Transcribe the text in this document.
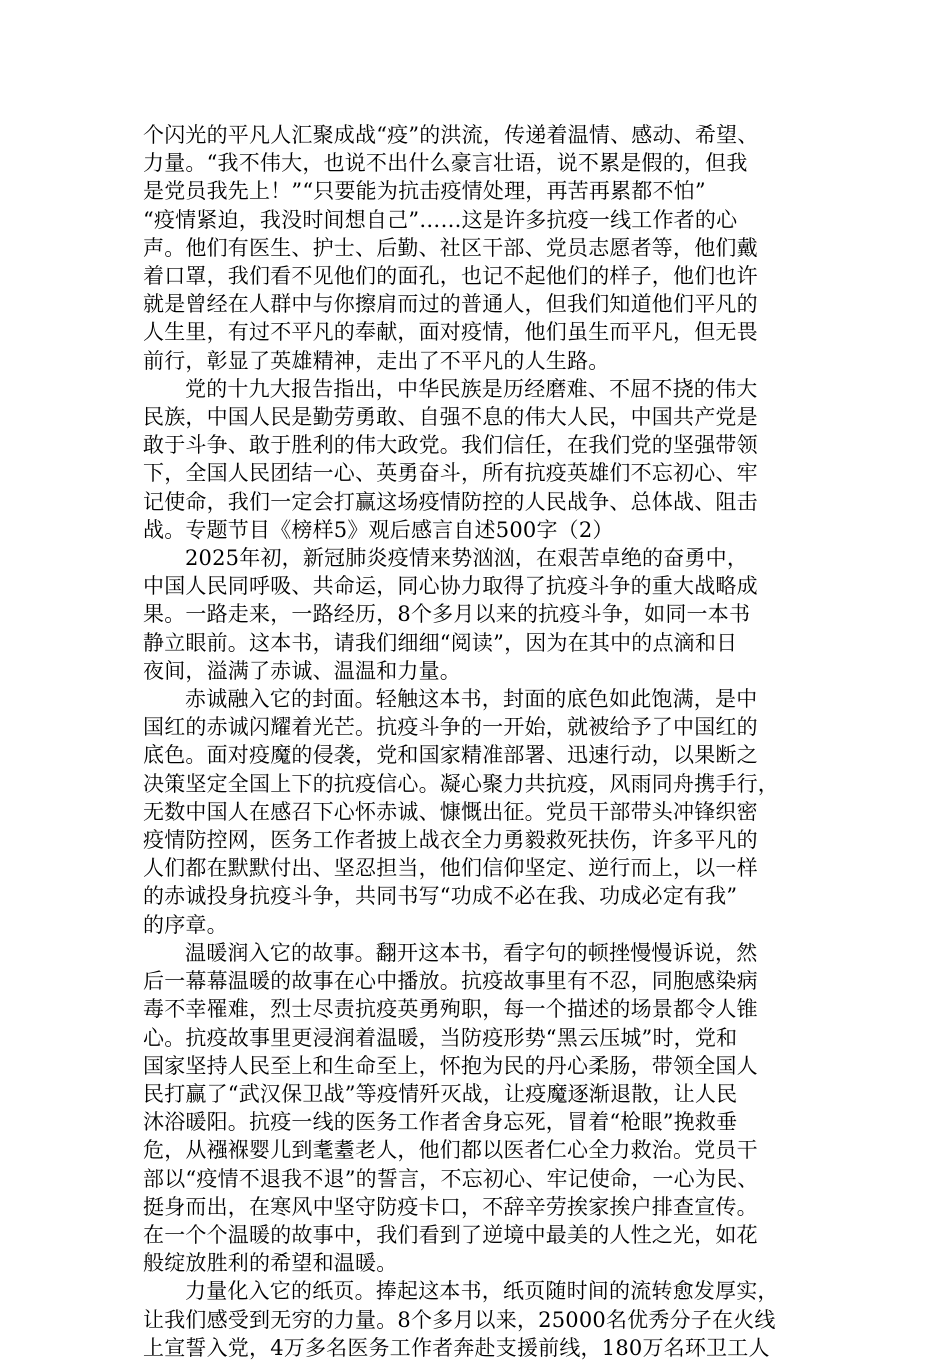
个闪光的平凡人汇聚成战“疫”的洪流，传递着温情、感动、希望、
力量。“我不伟大，也说不出什么豪言壮语，说不累是假的，但我
是党员我先上！”“只要能为抗击疫情处理，再苦再累都不怕”
“疫情紧迫，我没时间想自己”……这是许多抗疫一线工作者的心
声。他们有医生、护士、后勤、社区干部、党员志愿者等，他们戴
着口罩，我们看不见他们的面孔，也记不起他们的样子，他们也许
就是曾经在人群中与你擦肩而过的普通人，但我们知道他们平凡的
人生里，有过不平凡的奉献，面对疫情，他们虽生而平凡，但无畏
前行，彰显了英雄精神，走出了不平凡的人生路。

党的十九大报告指出，中华民族是历经磨难、不屈不挠的伟大
民族，中国人民是勤劳勇敢、自强不息的伟大人民，中国共产党是
敢于斗争、敢于胜利的伟大政党。我们信任，在我们党的坚强带领
下，全国人民团结一心、英勇奋斗，所有抗疫英雄们不忘初心、牢
记使命，我们一定会打赢这场疫情防控的人民战争、总体战、阻击
战。专题节目《榜样5》观后感言自述500字（2）

2025年初，新冠肺炎疫情来势汹汹，在艰苦卓绝的奋勇中，
中国人民同呼吸、共命运，同心协力取得了抗疫斗争的重大战略成
果。一路走来，一路经历，8个多月以来的抗疫斗争，如同一本书
静立眼前。这本书，请我们细细“阅读”，因为在其中的点滴和日
夜间，溢满了赤诚、温温和力量。

赤诚融入它的封面。轻触这本书，封面的底色如此饱满，是中
国红的赤诚闪耀着光芒。抗疫斗争的一开始，就被给予了中国红的
底色。面对疫魔的侵袭，党和国家精准部署、迅速行动，以果断之
决策坚定全国上下的抗疫信心。凝心聚力共抗疫，风雨同舟携手行，
无数中国人在感召下心怀赤诚、慷慨出征。党员干部带头冲锋织密
疫情防控网，医务工作者披上战衣全力勇毅救死扶伤，许多平凡的
人们都在默默付出、坚忍担当，他们信仰坚定、逆行而上，以一样
的赤诚投身抗疫斗争，共同书写“功成不必在我、功成必定有我”
的序章。

温暖润入它的故事。翻开这本书，看字句的顿挫慢慢诉说，然
后一幕幕温暖的故事在心中播放。抗疫故事里有不忍，同胞感染病
毒不幸罹难，烈士尽责抗疫英勇殉职，每一个描述的场景都令人锥
心。抗疫故事里更浸润着温暖，当防疫形势“黑云压城”时，党和
国家坚持人民至上和生命至上，怀抱为民的丹心柔肠，带领全国人
民打赢了“武汉保卫战”等疫情歼灭战，让疫魔逐渐退散，让人民
沐浴暖阳。抗疫一线的医务工作者舍身忘死，冒着“枪眼”挽救垂
危，从襁褓婴儿到耄耋老人，他们都以医者仁心全力救治。党员干
部以“疫情不退我不退”的誓言，不忘初心、牢记使命，一心为民、
挺身而出，在寒风中坚守防疫卡口，不辞辛劳挨家挨户排查宣传。
在一个个温暖的故事中，我们看到了逆境中最美的人性之光，如花
般绽放胜利的希望和温暖。

力量化入它的纸页。捧起这本书，纸页随时间的流转愈发厚实，
让我们感受到无穷的力量。8个多月以来，25000名优秀分子在火线
上宣誓入党，4万多名医务工作者奔赴支援前线，180万名环卫工人
